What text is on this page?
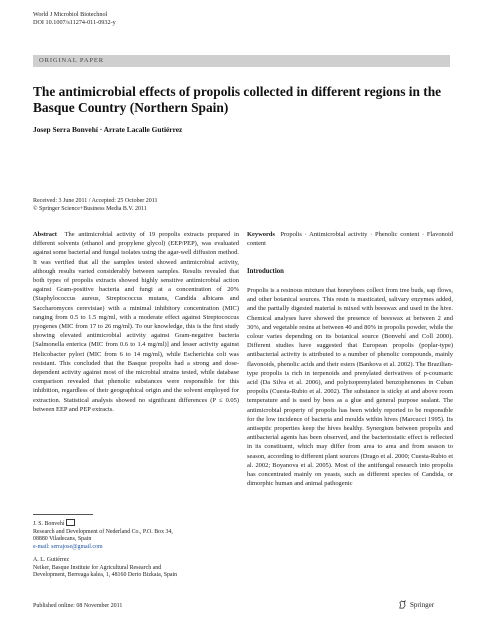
World J Microbiol Biotechnol
DOI 10.1007/s11274-011-0932-y
ORIGINAL PAPER
The antimicrobial effects of propolis collected in different regions in the Basque Country (Northern Spain)
Josep Serra Bonvehí · Arrate Lacalle Gutiérrez
Received: 3 June 2011 / Accepted: 25 October 2011
© Springer Science+Business Media B.V. 2011

Abstract The antimicrobial activity of 19 propolis extracts prepared in different solvents (ethanol and propylene glycol) (EEP/PEP), was evaluated against some bacterial and fungal isolates using the agar-well diffusion method. It was verified that all the samples tested showed antimicrobial activity, although results varied considerably between samples. Results revealed that both types of propolis extracts showed highly sensitive antimicrobial action against Gram-positive bacteria and fungi at a concentration of 20% (Staphylococcus aureus, Streptococcus mutans, Candida albicans and Saccharomyces cerevisiae) with a minimal inhibitory concentration (MIC) ranging from 0.5 to 1.5 mg/ml, with a moderate effect against Streptococcus pyogenes (MIC from 17 to 26 mg/ml). To our knowledge, this is the first study showing elevated antimicrobial activity against Gram-negative bacteria [Salmonella enterica (MIC from 0.6 to 1.4 mg/ml)] and lesser activity against Helicobacter pylori (MIC from 6 to 14 mg/ml), while Escherichia coli was resistant. This concluded that the Basque propolis had a strong and dose-dependent activity against most of the microbial strains tested, while database comparison revealed that phenolic substances were responsible for this inhibition, regardless of their geographical origin and the solvent employed for extraction. Statistical analysis showed no significant differences (P ≤ 0.05) between EEP and PEP extracts.

Keywords Propolis · Antimicrobial activity · Phenolic content · Flavonoid content

Introduction
Propolis is a resinous mixture that honeybees collect from tree buds, sap flows, and other botanical sources. This resin is masticated, salivary enzymes added, and the partially digested material is mixed with beeswax and used in the hive. Chemical analyses have showed the presence of beeswax at between 2 and 30%, and vegetable resins at between 40 and 80% in propolis powder, while the colour varies depending on its botanical source (Bonvehí and Coll 2000). Different studies have suggested that European propolis (poplar-type) antibacterial activity is attributed to a number of phenolic compounds, mainly flavonoids, phenolic acids and their esters (Bankova et al. 2002). The Brazilian-type propolis is rich in terpenoids and prenylated derivatives of p-coumaric acid (Da Silva et al. 2006), and polyisoprenylated benzophenones in Cuban propolis (Cuesta-Rubio et al. 2002). The substance is sticky at and above room temperature and is used by bees as a glue and general purpose sealant. The antimicrobial property of propolis has been widely reported to be responsible for the low incidence of bacteria and moulds within hives (Marcucci 1995). Its antiseptic properties keep the hives healthy. Synergism between propolis and antibacterial agents has been observed, and the bacteriostatic effect is reflected in its constituent, which may differ from area to area and from season to season, according to different plant sources (Drago et al. 2000; Cuesta-Rubio et al. 2002; Boyanova et al. 2005). Most of the antifungal research into propolis has concentrated mainly on yeasts, such as different species of Candida, or dimorphic human and animal pathogenic
J. S. Bonvehí
Research and Development of Nederland Co., P.O. Box 34,
08880 Viladecans, Spain
e-mail: serrajose@gmail.com
A. L. Gutiérrez
Neiker, Basque Institute for Agricultural Research and
Development, Berreaga kalea, 1, 48160 Derio Bizkaia, Spain
Published online: 08 November 2011	Springer
